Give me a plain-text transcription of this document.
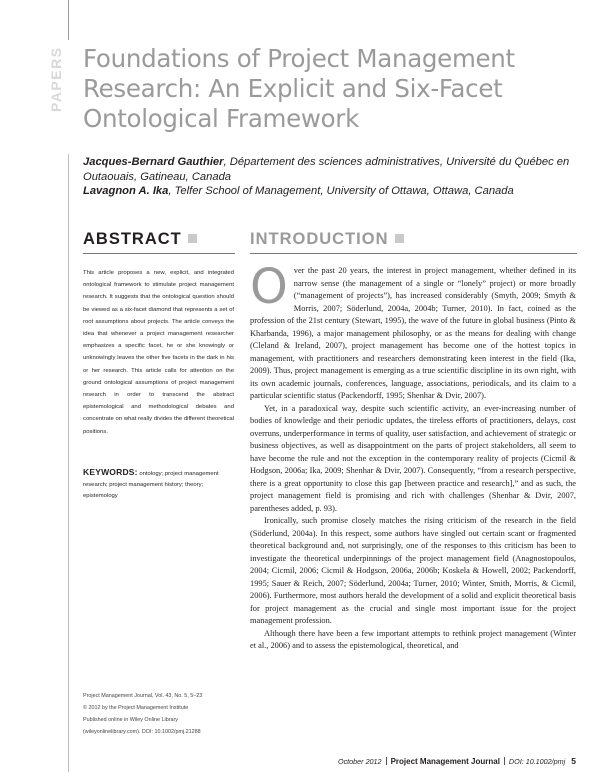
PAPERS Foundations of Project Management Research: An Explicit and Six-Facet Ontological Framework
Jacques-Bernard Gauthier, Département des sciences administratives, Université du Québec en Outaouais, Gatineau, Canada
Lavagnon A. Ika, Telfer School of Management, University of Ottawa, Ottawa, Canada
ABSTRACT

This article proposes a new, explicit, and integrated ontological framework to stimulate project management research. It suggests that the ontological question should be viewed as a six-facet diamond that represents a set of root assumptions about projects. The article conveys the idea that whenever a project management researcher emphasizes a specific facet, he or she knowingly or unknowingly leaves the other five facets in the dark in his or her research. This article calls for attention on the ground ontological assumptions of project management research in order to transcend the abstract epistemological and methodological debates and concentrate on what really divides the different theoretical positions.

KEYWORDS: ontology; project management research; project management history; theory; epistemology
Project Management Journal, Vol. 43, No. 5, 5–23
© 2012 by the Project Management Institute
Published online in Wiley Online Library
(wileyonlinelibrary.com). DOI: 10.1002/pmj.21288
INTRODUCTION

Over the past 20 years, the interest in project management, whether defined in its narrow sense (the management of a single or “lonely” project) or more broadly (“management of projects”), has increased considerably (Smyth, 2009; Smyth & Morris, 2007; Söderlund, 2004a, 2004b; Turner, 2010). In fact, coined as the profession of the 21st century (Stewart, 1995), the wave of the future in global business (Pinto & Kharbanda, 1996), a major management philosophy, or as the means for dealing with change (Cleland & Ireland, 2007), project management has become one of the hottest topics in management, with practitioners and researchers demonstrating keen interest in the field (Ika, 2009). Thus, project management is emerging as a true scientific discipline in its own right, with its own academic journals, conferences, language, associations, periodicals, and its claim to a particular scientific status (Packendorff, 1995; Shenhar & Dvir, 2007).

Yet, in a paradoxical way, despite such scientific activity, an ever-increasing number of bodies of knowledge and their periodic updates, the tireless efforts of practitioners, delays, cost overruns, underperformance in terms of quality, user satisfaction, and achievement of strategic or business objectives, as well as disappointment on the parts of project stakeholders, all seem to have become the rule and not the exception in the contemporary reality of projects (Cicmil & Hodgson, 2006a; Ika, 2009; Shenhar & Dvir, 2007). Consequently, “from a research perspective, there is a great opportunity to close this gap [between practice and research],” and as such, the project management field is promising and rich with challenges (Shenhar & Dvir, 2007, parentheses added, p. 93).

Ironically, such promise closely matches the rising criticism of the research in the field (Söderlund, 2004a). In this respect, some authors have singled out certain scant or fragmented theoretical background and, not surprisingly, one of the responses to this criticism has been to investigate the theoretical underpinnings of the project management field (Anagnostopoulos, 2004; Cicmil, 2006; Cicmil & Hodgson, 2006a, 2006b; Koskela & Howell, 2002; Packendorff, 1995; Sauer & Reich, 2007; Söderlund, 2004a; Turner, 2010; Winter, Smith, Morris, & Cicmil, 2006). Furthermore, most authors herald the development of a solid and explicit theoretical basis for project management as the crucial and single most important issue for the project management profession.

Although there have been a few important attempts to rethink project management (Winter et al., 2006) and to assess the epistemological, theoretical, and

October 2012 Project Management Journal DOI: 10.1002/pmj 5
